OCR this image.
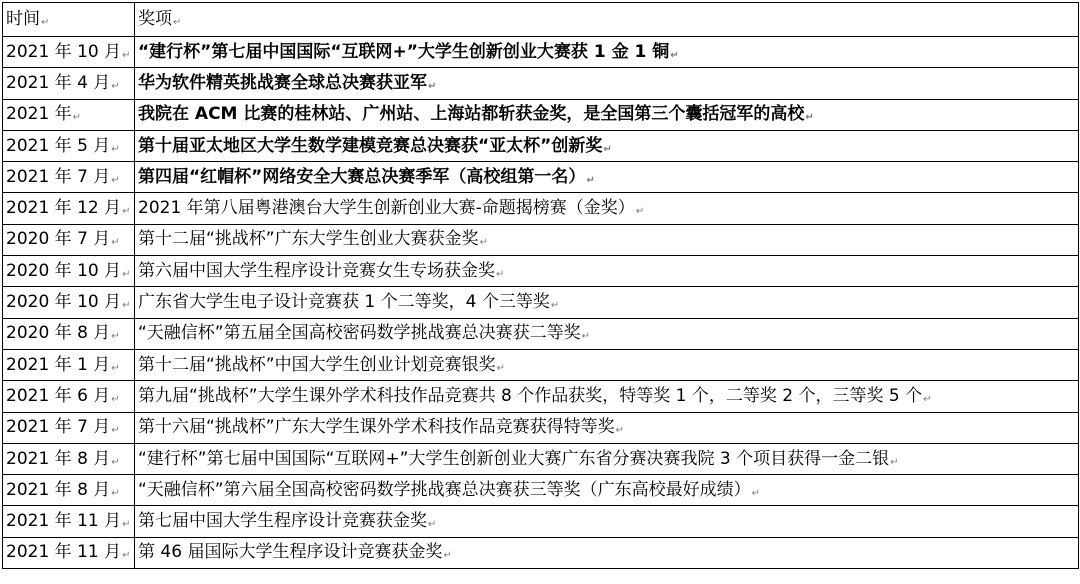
时间↵	奖项↵
2021 年 10 月↵	“建行杯”第七届中国国际“互联网+”大学生创新创业大赛获 1 金 1 铜↵
2021 年 4 月↵	华为软件精英挑战赛全球总决赛获亚军↵
2021 年↵	我院在 ACM 比赛的桂林站、广州站、上海站都斩获金奖，是全国第三个囊括冠军的高校↵
2021 年 5 月↵	第十届亚太地区大学生数学建模竞赛总决赛获“亚太杯”创新奖↵
2021 年 7 月↵	第四届“红帽杯”网络安全大赛总决赛季军（高校组第一名）↵
2021 年 12 月↵	2021 年第八届粤港澳台大学生创新创业大赛-命题揭榜赛（金奖）↵
2020 年 7 月↵	第十二届“挑战杯”广东大学生创业大赛获金奖↵
2020 年 10 月↵	第六届中国大学生程序设计竞赛女生专场获金奖↵
2020 年 10 月↵	广东省大学生电子设计竞赛获 1 个二等奖，4 个三等奖↵
2020 年 8 月↵	“天融信杯”第五届全国高校密码数学挑战赛总决赛获二等奖↵
2021 年 1 月↵	第十二届“挑战杯”中国大学生创业计划竞赛银奖↵
2021 年 6 月↵	第九届“挑战杯”大学生课外学术科技作品竞赛共 8 个作品获奖，特等奖 1 个，二等奖 2 个，三等奖 5 个↵
2021 年 7 月↵	第十六届“挑战杯”广东大学生课外学术科技作品竞赛获得特等奖↵
2021 年 8 月↵	“建行杯”第七届中国国际“互联网+”大学生创新创业大赛广东省分赛决赛我院 3 个项目获得一金二银↵
2021 年 8 月↵	“天融信杯”第六届全国高校密码数学挑战赛总决赛获三等奖（广东高校最好成绩）↵
2021 年 11 月↵	第七届中国大学生程序设计竞赛获金奖↵
2021 年 11 月↵	第 46 届国际大学生程序设计竞赛获金奖↵
